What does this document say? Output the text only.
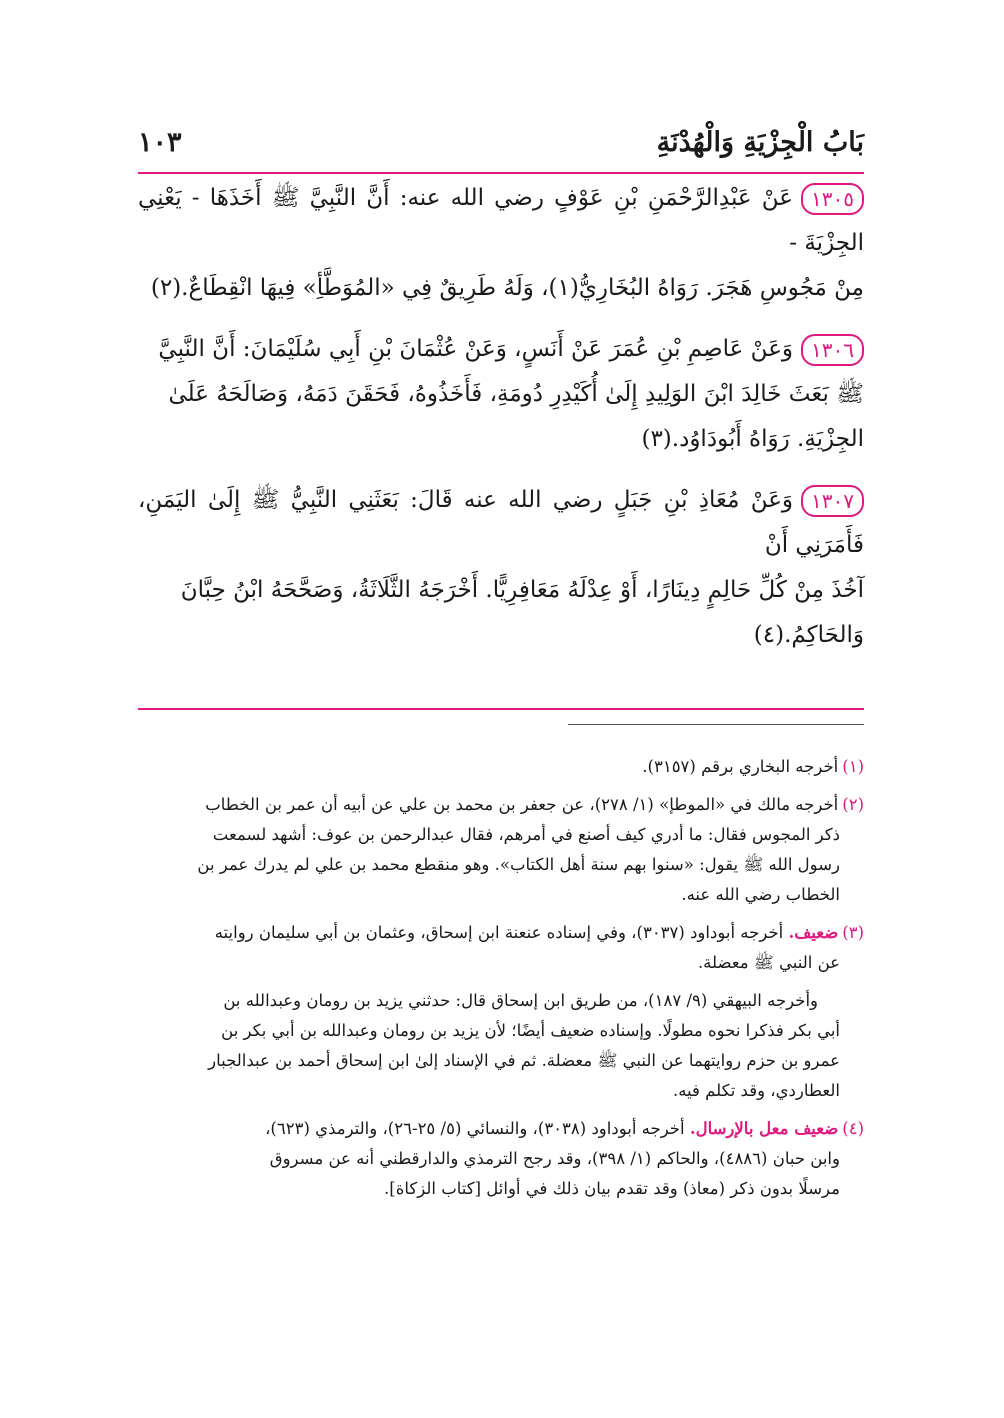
بَابُ الْجِزْيَةِ وَالْهُدْنَةِ
١٠٣
١٣٠٥عَنْ عَبْدِالرَّحْمَنِ بْنِ عَوْفٍ رضي الله عنه: أَنَّ النَّبِيَّ ﷺ أَخَذَهَا - يَعْنِي الجِزْيَةَ -
مِنْ مَجُوسِ هَجَرَ. رَوَاهُ البُخَارِيُّ(١)، وَلَهُ طَرِيقٌ فِي «المُوَطَّأِ» فِيهَا انْقِطَاعٌ.(٢)
١٣٠٦وَعَنْ عَاصِمِ بْنِ عُمَرَ عَنْ أَنَسٍ، وَعَنْ عُثْمَانَ بْنِ أَبِي سُلَيْمَانَ: أَنَّ النَّبِيَّ
ﷺ بَعَثَ خَالِدَ ابْنَ الوَلِيدِ إِلَىٰ أُكَيْدِرِ دُومَةِ، فَأَخَذُوهُ، فَحَقَنَ دَمَهُ، وَصَالَحَهُ عَلَىٰ
الجِزْيَةِ. رَوَاهُ أَبُودَاوُد.(٣)
١٣٠٧وَعَنْ مُعَاذِ بْنِ جَبَلٍ رضي الله عنه قَالَ: بَعَثَنِي النَّبِيُّ ﷺ إِلَىٰ اليَمَنِ، فَأَمَرَنِي أَنْ
آخُذَ مِنْ كُلِّ حَالِمٍ دِينَارًا، أَوْ عِدْلَهُ مَعَافِرِيًّا. أَخْرَجَهُ الثَّلَاثَةُ، وَصَحَّحَهُ ابْنُ حِبَّانَ
وَالحَاكِمُ.(٤)
(١)أخرجه البخاري برقم (٣١٥٧).
(٢)أخرجه مالك في «الموطإ» (١/ ٢٧٨)، عن جعفر بن محمد بن علي عن أبيه أن عمر بن الخطاب
ذكر المجوس فقال: ما أدري كيف أصنع في أمرهم، فقال عبدالرحمن بن عوف: أشهد لسمعت
رسول الله ﷺ يقول: «سنوا بهم سنة أهل الكتاب». وهو منقطع محمد بن علي لم يدرك عمر بن
الخطاب رضي الله عنه.
(٣)ضعيف. أخرجه أبوداود (٣٠٣٧)، وفي إسناده عنعنة ابن إسحاق، وعثمان بن أبي سليمان روايته
عن النبي ﷺ معضلة.
وأخرجه البيهقي (٩/ ١٨٧)، من طريق ابن إسحاق قال: حدثني يزيد بن رومان وعبدالله بن
أبي بكر فذكرا نحوه مطولًا. وإسناده ضعيف أيضًا؛ لأن يزيد بن رومان وعبدالله بن أبي بكر بن
عمرو بن حزم روايتهما عن النبي ﷺ معضلة. ثم في الإسناد إلىٰ ابن إسحاق أحمد بن عبدالجبار
العطاردي، وقد تكلم فيه.
(٤)ضعيف معل بالإرسال. أخرجه أبوداود (٣٠٣٨)، والنسائي (٥/ ٢٥-٢٦)، والترمذي (٦٢٣)،
وابن حبان (٤٨٨٦)، والحاكم (١/ ٣٩٨)، وقد رجح الترمذي والدارقطني أنه عن مسروق
مرسلًا بدون ذكر (معاذ) وقد تقدم بيان ذلك في أوائل [كتاب الزكاة].
